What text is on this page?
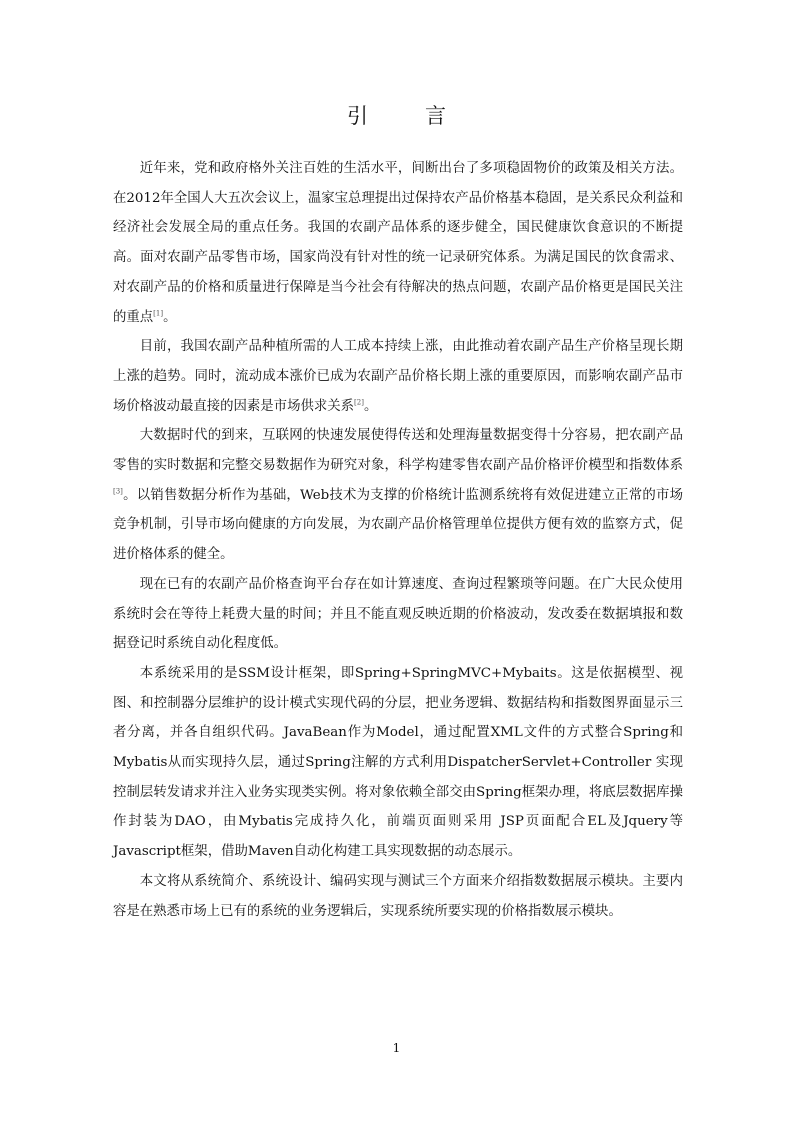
引　言

近年来，党和政府格外关注百姓的生活水平，间断出台了多项稳固物价的政策及相关方法。在2012年全国人大五次会议上，温家宝总理提出过保持农产品价格基本稳固，是关系民众利益和经济社会发展全局的重点任务。我国的农副产品体系的逐步健全，国民健康饮食意识的不断提高。面对农副产品零售市场，国家尚没有针对性的统一记录研究体系。为满足国民的饮食需求、对农副产品的价格和质量进行保障是当今社会有待解决的热点问题，农副产品价格更是国民关注的重点[1]。

目前，我国农副产品种植所需的人工成本持续上涨，由此推动着农副产品生产价格呈现长期上涨的趋势。同时，流动成本涨价已成为农副产品价格长期上涨的重要原因，而影响农副产品市场价格波动最直接的因素是市场供求关系[2]。

大数据时代的到来，互联网的快速发展使得传送和处理海量数据变得十分容易，把农副产品零售的实时数据和完整交易数据作为研究对象，科学构建零售农副产品价格评价模型和指数体系[3]。以销售数据分析作为基础，Web技术为支撑的价格统计监测系统将有效促进建立正常的市场竞争机制，引导市场向健康的方向发展，为农副产品价格管理单位提供方便有效的监察方式，促进价格体系的健全。

现在已有的农副产品价格查询平台存在如计算速度、查询过程繁琐等问题。在广大民众使用系统时会在等待上耗费大量的时间；并且不能直观反映近期的价格波动，发改委在数据填报和数据登记时系统自动化程度低。

本系统采用的是SSM设计框架，即Spring+SpringMVC+Mybaits。这是依据模型、视图、和控制器分层维护的设计模式实现代码的分层，把业务逻辑、数据结构和指数图界面显示三者分离，并各自组织代码。JavaBean作为Model，通过配置XML文件的方式整合Spring和Mybatis从而实现持久层，通过Spring注解的方式利用DispatcherServlet+Controller 实现控制层转发请求并注入业务实现类实例。将对象依赖全部交由Spring框架办理，将底层数据库操作封装为DAO，由Mybatis完成持久化，前端页面则采用 JSP页面配合EL及Jquery等Javascript框架，借助Maven自动化构建工具实现数据的动态展示。

本文将从系统简介、系统设计、编码实现与测试三个方面来介绍指数数据展示模块。主要内容是在熟悉市场上已有的系统的业务逻辑后，实现系统所要实现的价格指数展示模块。

1
